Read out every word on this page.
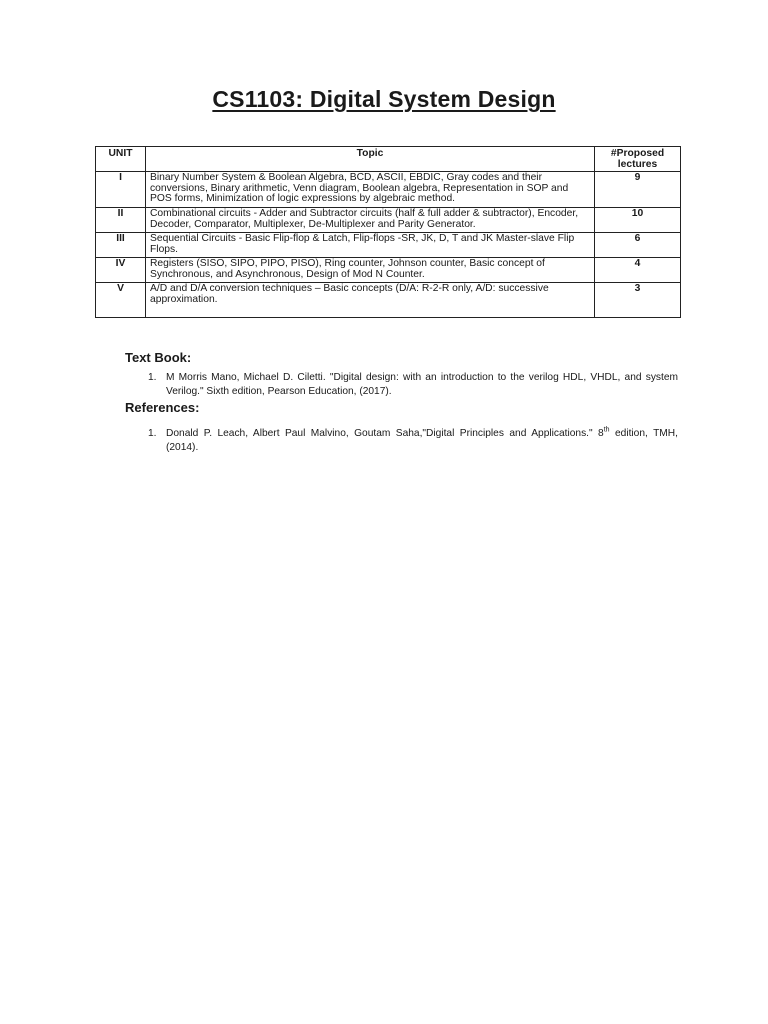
CS1103: Digital System Design
UNIT	Topic	#Proposed lectures
I	Binary Number System & Boolean Algebra, BCD, ASCII, EBDIC, Gray codes and their conversions, Binary arithmetic, Venn diagram, Boolean algebra, Representation in SOP and POS forms, Minimization of logic expressions by algebraic method.	9
II	Combinational circuits - Adder and Subtractor circuits (half & full adder & subtractor), Encoder, Decoder, Comparator, Multiplexer, De-Multiplexer and Parity Generator.	10
III	Sequential Circuits - Basic Flip-flop & Latch, Flip-flops -SR, JK, D, T and JK Master-slave Flip Flops.	6
IV	Registers (SISO, SIPO, PIPO, PISO), Ring counter, Johnson counter, Basic concept of Synchronous, and Asynchronous, Design of Mod N Counter.	4
V	A/D and D/A conversion techniques – Basic concepts (D/A: R-2-R only, A/D: successive approximation.	3
Text Book:
1. M Morris Mano, Michael D. Ciletti. "Digital design: with an introduction to the verilog HDL, VHDL, and system Verilog." Sixth edition, Pearson Education, (2017).
References:
1. Donald P. Leach, Albert Paul Malvino, Goutam Saha,"Digital Principles and Applications." 8th edition, TMH, (2014).
